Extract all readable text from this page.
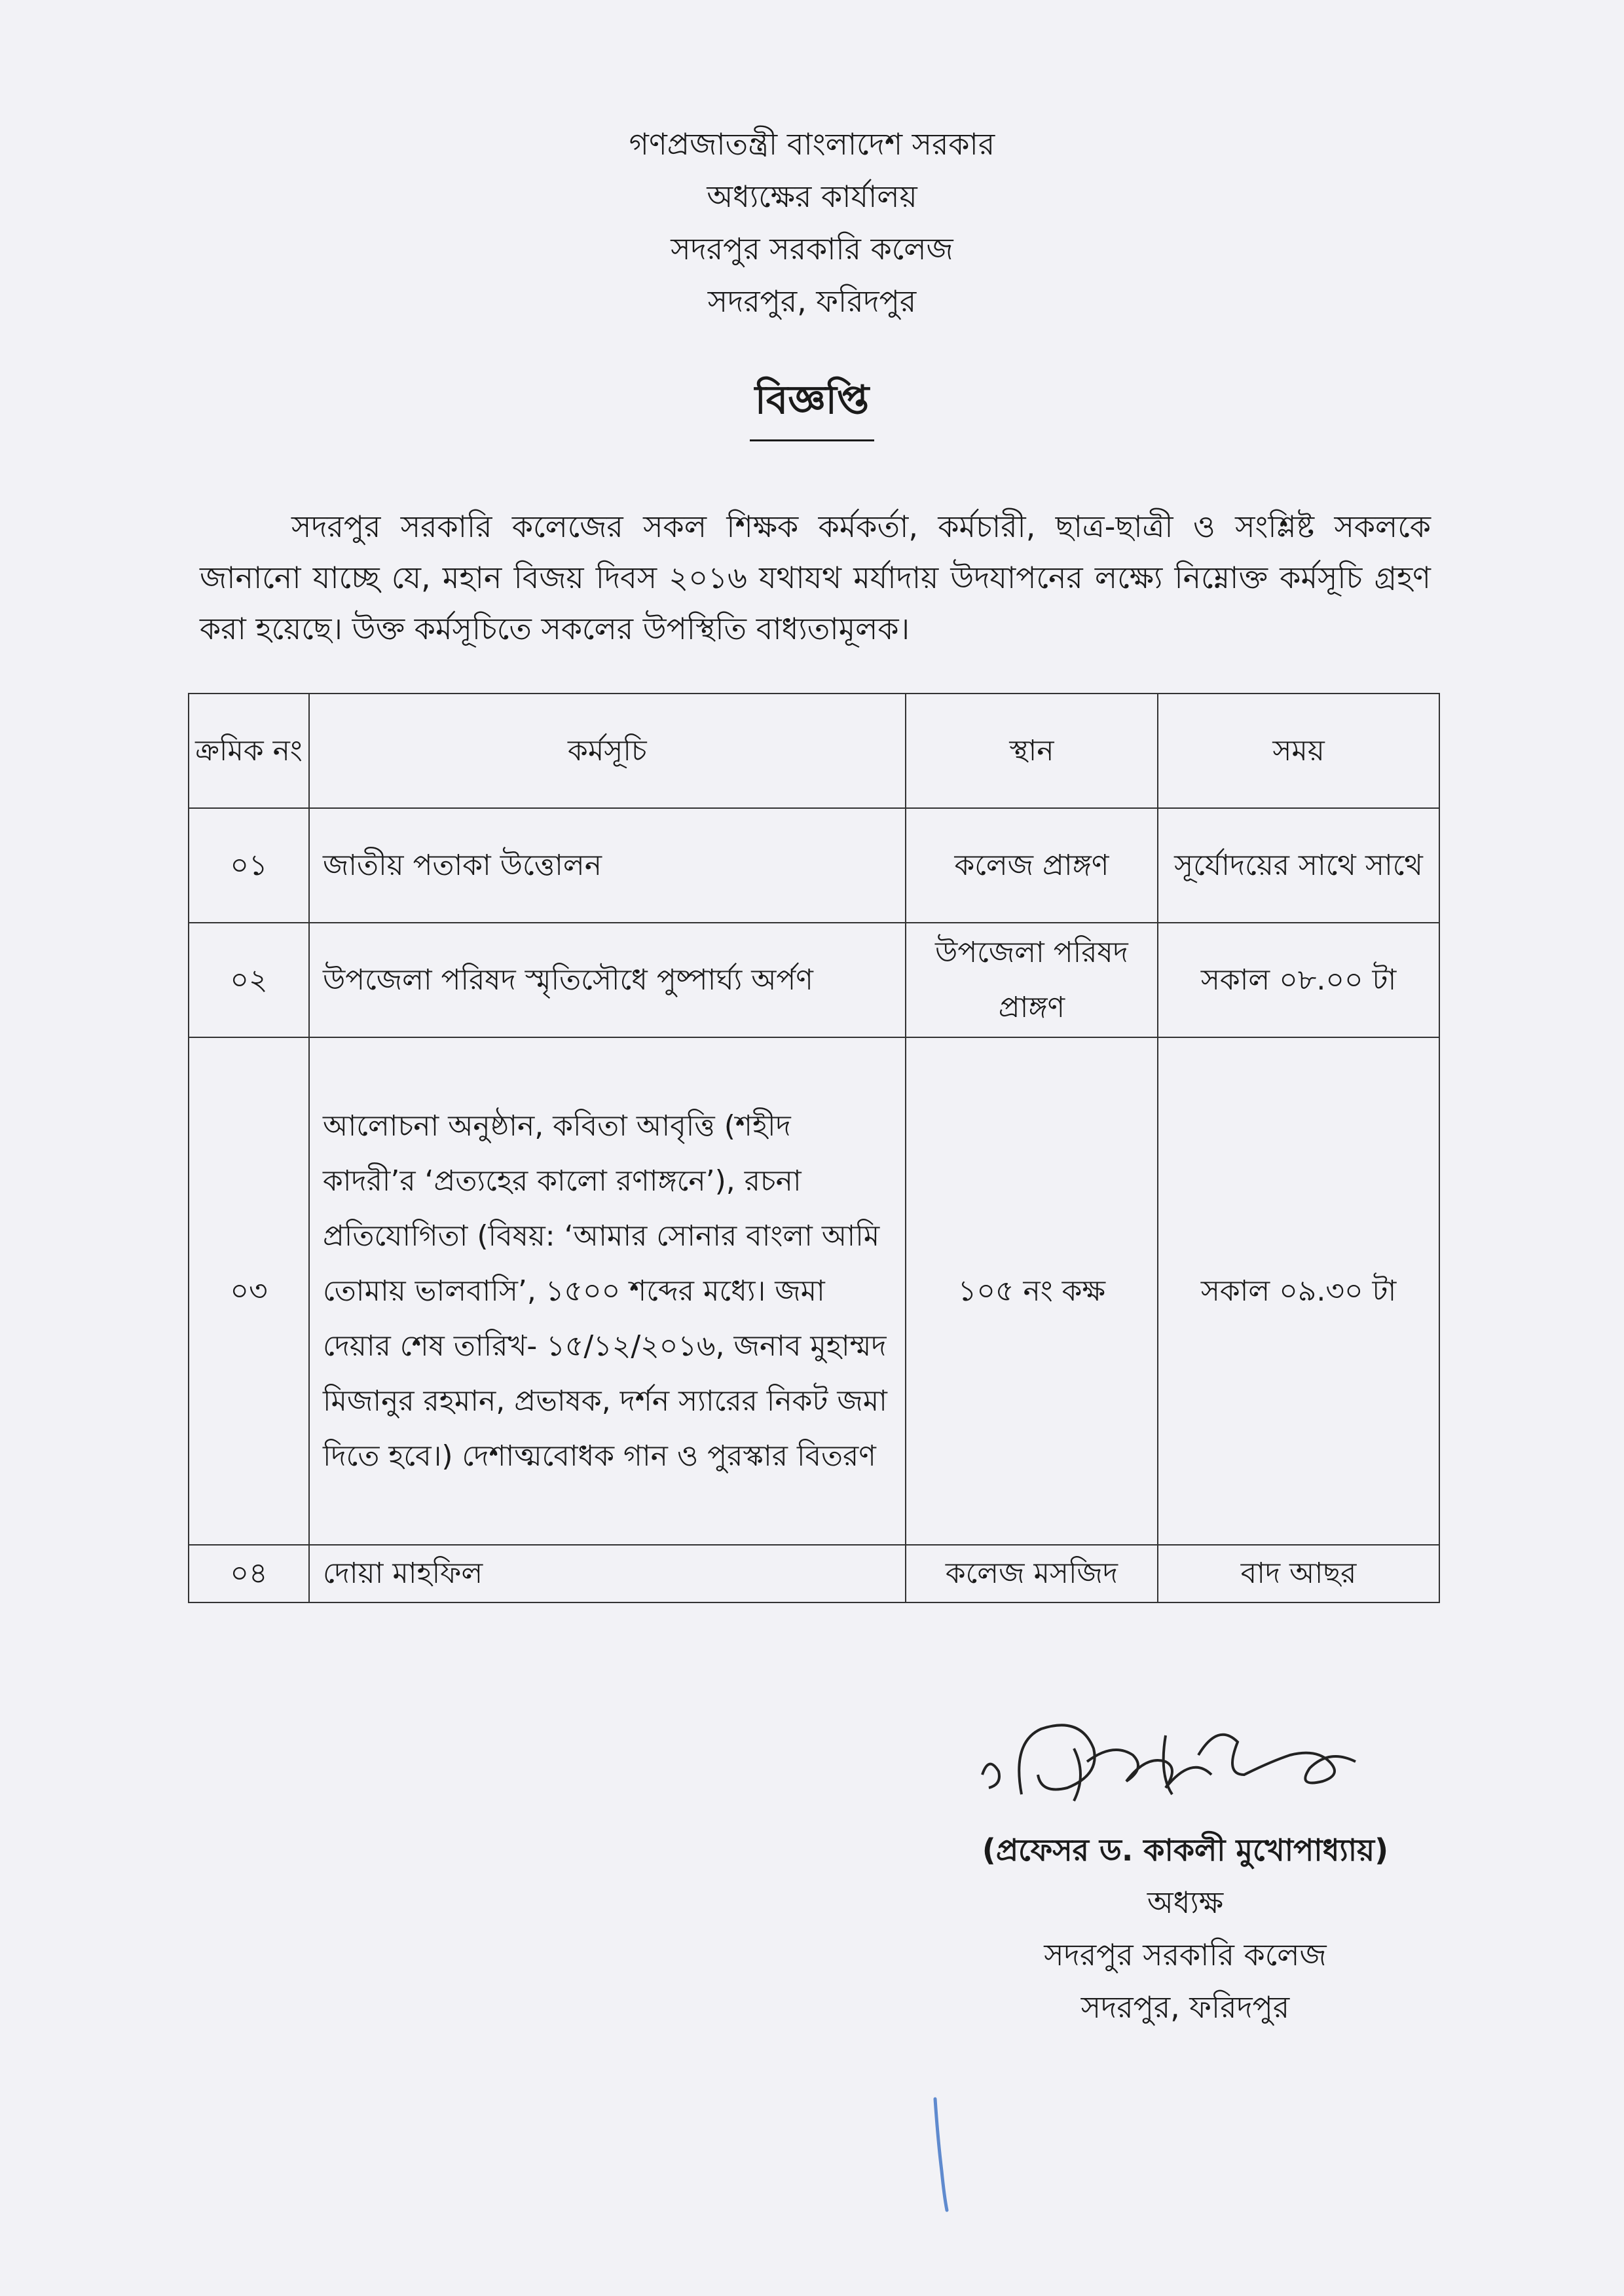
গণপ্রজাতন্ত্রী বাংলাদেশ সরকার
অধ্যক্ষের কার্যালয়
সদরপুর সরকারি কলেজ
সদরপুর, ফরিদপুর
বিজ্ঞপ্তি
সদরপুর সরকারি কলেজের সকল শিক্ষক কর্মকর্তা, কর্মচারী, ছাত্র-ছাত্রী ও সংশ্লিষ্ট সকলকে জানানো যাচ্ছে যে, মহান বিজয় দিবস ২০১৬ যথাযথ মর্যাদায় উদযাপনের লক্ষ্যে নিম্নোক্ত কর্মসূচি গ্রহণ করা হয়েছে। উক্ত কর্মসূচিতে সকলের উপস্থিতি বাধ্যতামূলক।
ক্রমিক নং	কর্মসূচি	স্থান	সময়
০১	জাতীয় পতাকা উত্তোলন	কলেজ প্রাঙ্গণ	সূর্যোদয়ের সাথে সাথে
০২	উপজেলা পরিষদ স্মৃতিসৌধে পুষ্পার্ঘ্য অর্পণ	উপজেলা পরিষদ প্রাঙ্গণ	সকাল ০৮.০০ টা
০৩	আলোচনা অনুষ্ঠান, কবিতা আবৃত্তি (শহীদ কাদরী’র ‘প্রত্যহের কালো রণাঙ্গনে’), রচনা প্রতিযোগিতা (বিষয়: ‘আমার সোনার বাংলা আমি তোমায় ভালবাসি’, ১৫০০ শব্দের মধ্যে। জমা দেয়ার শেষ তারিখ- ১৫/১২/২০১৬, জনাব মুহাম্মদ মিজানুর রহমান, প্রভাষক, দর্শন স্যারের নিকট জমা দিতে হবে।) দেশাত্মবোধক গান ও পুরস্কার বিতরণ	১০৫ নং কক্ষ	সকাল ০৯.৩০ টা
০৪	দোয়া মাহফিল	কলেজ মসজিদ	বাদ আছর
(প্রফেসর ড. কাকলী মুখোপাধ্যায়)
অধ্যক্ষ
সদরপুর সরকারি কলেজ
সদরপুর, ফরিদপুর
